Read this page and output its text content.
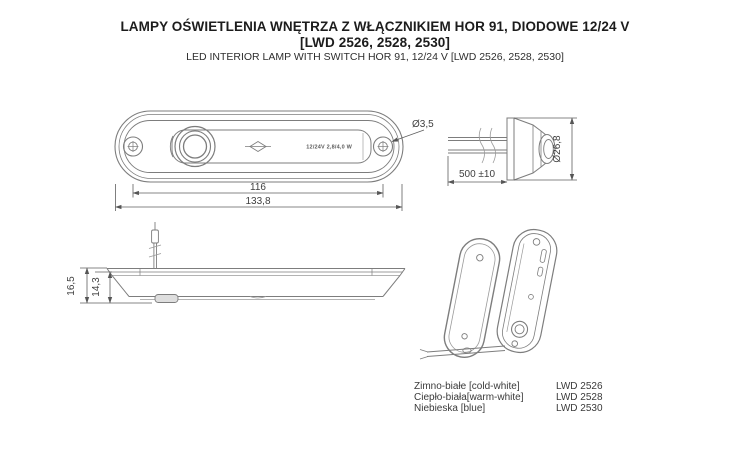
LAMPY OŚWIETLENIA WNĘTRZA Z WŁĄCZNIKIEM HOR 91, DIODOWE 12/24 V
[LWD 2526, 2528, 2530]
LED INTERIOR LAMP WITH SWITCH HOR 91, 12/24 V [LWD 2526, 2528, 2530]
12/24V 2,8/4,0 W
116
133,8
Ø3,5
500 ±10
Ø26,8
16,5 14,3
Zimno-białe [cold-white]	LWD 2526
Ciepło-biała[warm-white]	LWD 2528
Niebieska [blue]	LWD 2530
